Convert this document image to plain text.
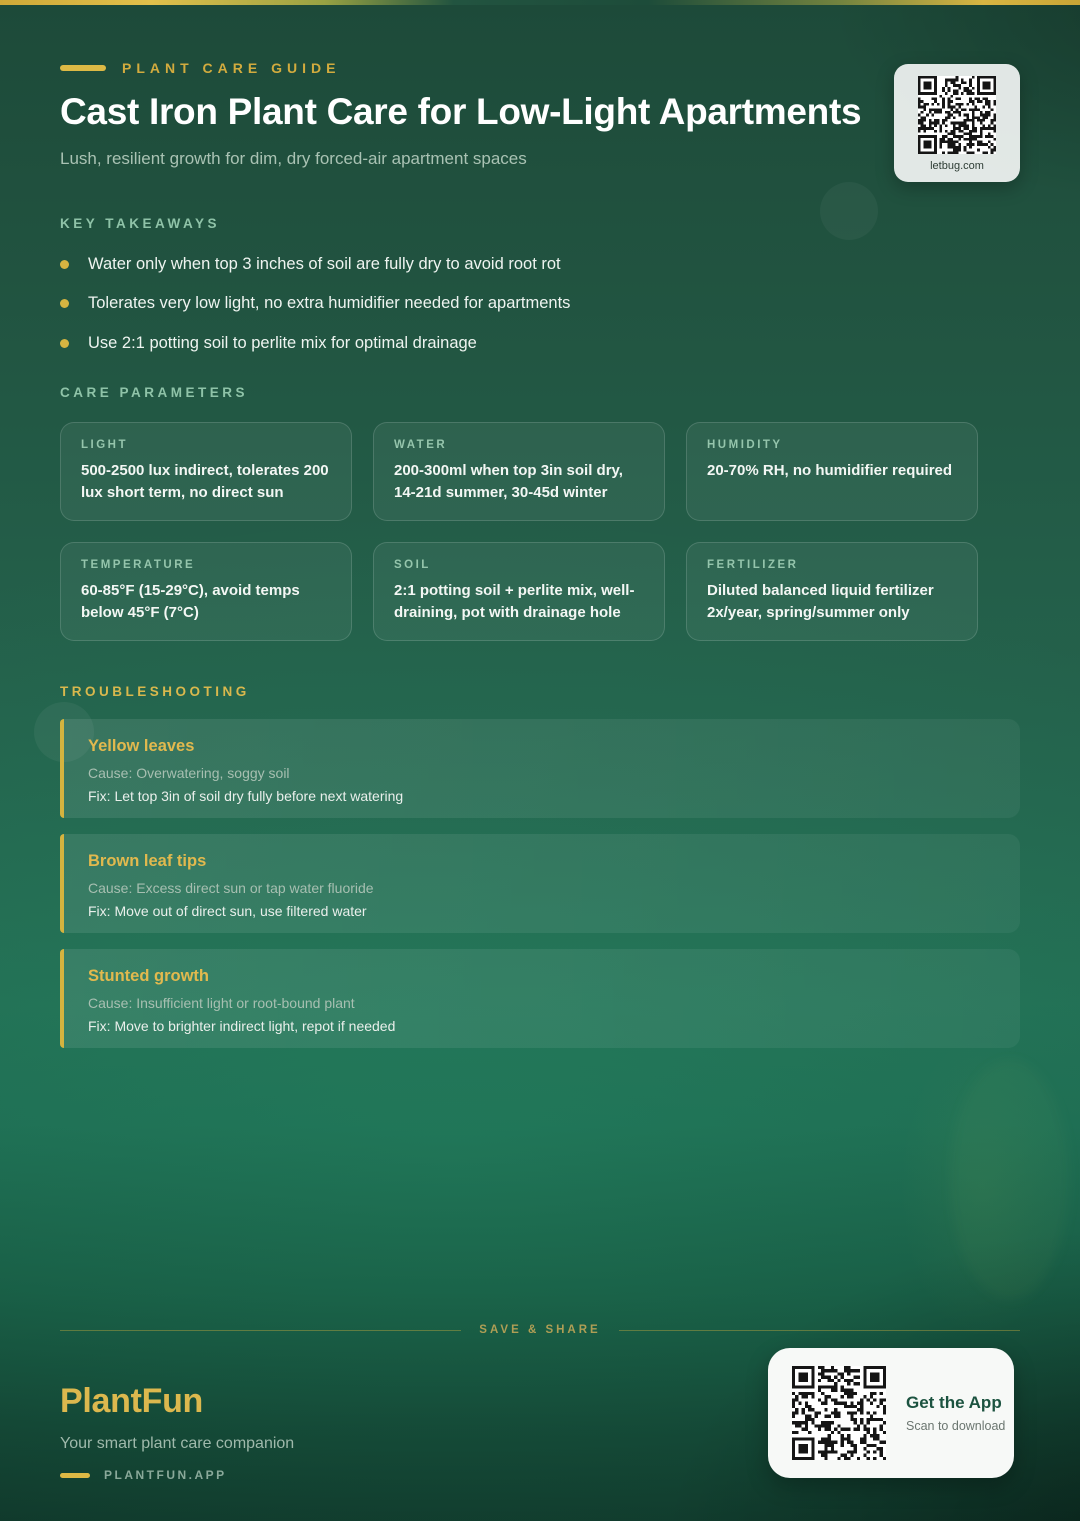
letbug.com
PLANT CARE GUIDE
Cast Iron Plant Care for Low-Light Apartments

Lush, resilient growth for dim, dry forced-air apartment spaces

KEY TAKEAWAYS
Water only when top 3 inches of soil are fully dry to avoid root rot
Tolerates very low light, no extra humidifier needed for apartments
Use 2:1 potting soil to perlite mix for optimal drainage
CARE PARAMETERS
LIGHT
500-2500 lux indirect, tolerates 200 lux short term, no direct sun
WATER
200-300ml when top 3in soil dry, 14-21d summer, 30-45d winter
HUMIDITY
20-70% RH, no humidifier required
TEMPERATURE
60-85°F (15-29°C), avoid temps below 45°F (7°C)
SOIL
2:1 potting soil + perlite mix, well-draining, pot with drainage hole
FERTILIZER
Diluted balanced liquid fertilizer 2x/year, spring/summer only
TROUBLESHOOTING
Yellow leaves
Cause: Overwatering, soggy soil
Fix: Let top 3in of soil dry fully before next watering
Brown leaf tips
Cause: Excess direct sun or tap water fluoride
Fix: Move out of direct sun, use filtered water
Stunted growth
Cause: Insufficient light or root-bound plant
Fix: Move to brighter indirect light, repot if needed
SAVE & SHARE
PlantFun
Your smart plant care companion
PLANTFUN.APP
Get the App
Scan to download
